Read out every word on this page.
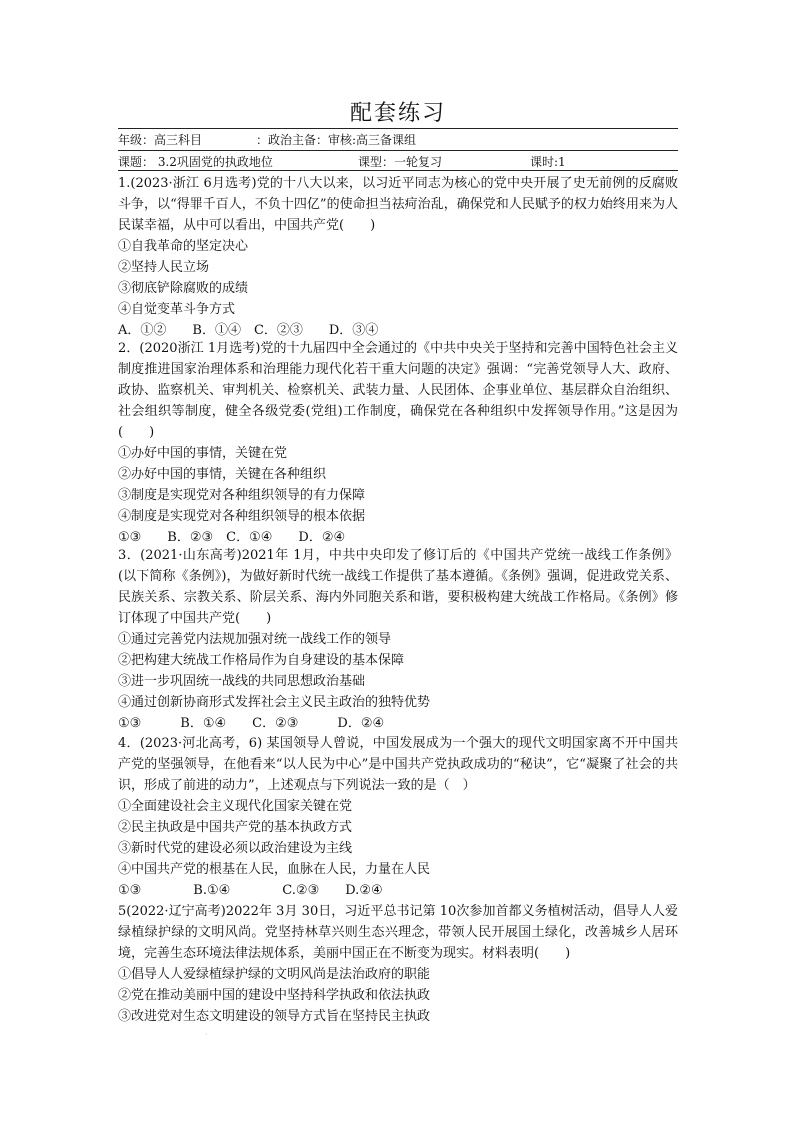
配套练习
年级：高三科目	：政治主备：审核:高三备课组
课题： 3.2巩固党的执政地位	课型：一轮复习	课时:1

1.(2023·浙江 6月选考)党的十八大以来，以习近平同志为核心的党中央开展了史无前例的反腐败斗争，以“得罪千百人，不负十四亿”的使命担当祛疴治乱，确保党和人民赋予的权力始终用来为人民谋幸福，从中可以看出，中国共产党(　　)

①自我革命的坚定决心

②坚持人民立场

③彻底铲除腐败的成绩

④自觉变革斗争方式

A．①②　　B．①④　C．②③　　D．③④

2．(2020浙江 1月选考)党的十九届四中全会通过的《中共中央关于坚持和完善中国特色社会主义制度推进国家治理体系和治理能力现代化若干重大问题的决定》强调：“完善党领导人大、政府、政协、监察机关、审判机关、检察机关、武装力量、人民团体、企事业单位、基层群众自治组织、社会组织等制度，健全各级党委(党组)工作制度，确保党在各种组织中发挥领导作用。”这是因为(　　)

①办好中国的事情，关键在党

②办好中国的事情，关键在各种组织

③制度是实现党对各种组织领导的有力保障

④制度是实现党对各种组织领导的根本依据

①③　　B．②③　C．①④　　D．②④

3．(2021·山东高考)2021年 1月，中共中央印发了修订后的《中国共产党统一战线工作条例》(以下简称《条例》)，为做好新时代统一战线工作提供了基本遵循。《条例》强调，促进政党关系、民族关系、宗教关系、阶层关系、海内外同胞关系和谐，要积极构建大统战工作格局。《条例》修订体现了中国共产党(　　)

①通过完善党内法规加强对统一战线工作的领导

②把构建大统战工作格局作为自身建设的基本保障

③进一步巩固统一战线的共同思想政治基础

④通过创新协商形式发挥社会主义民主政治的独特优势

①③　　　B．①④　　C．②③　　　D．②④

4．(2023·河北高考，6) 某国领导人曾说，中国发展成为一个强大的现代文明国家离不开中国共产党的坚强领导，在他看来“以人民为中心”是中国共产党执政成功的“秘诀”，它“凝聚了社会的共识，形成了前进的动力”，上述观点与下列说法一致的是（　）

①全面建设社会主义现代化国家关键在党

②民主执政是中国共产党的基本执政方式

③新时代党的建设必须以政治建设为主线

④中国共产党的根基在人民，血脉在人民，力量在人民

①③　　　　B.①④　　　　C.②③　　D.②④

5(2022·辽宁高考)2022年 3月 30日，习近平总书记第 10次参加首都义务植树活动，倡导人人爱绿植绿护绿的文明风尚。党坚持林草兴则生态兴理念，带领人民开展国土绿化，改善城乡人居环境，完善生态环境法律法规体系，美丽中国正在不断变为现实。材料表明(　　)

①倡导人人爱绿植绿护绿的文明风尚是法治政府的职能

②党在推动美丽中国的建设中坚持科学执政和依法执政

③改进党对生态文明建设的领导方式旨在坚持民主执政

·
